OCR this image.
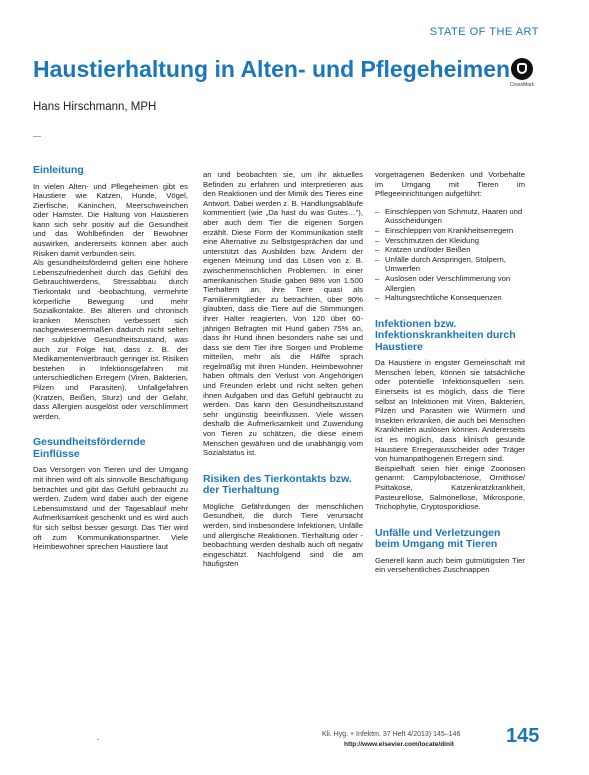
STATE OF THE ART
Haustierhaltung in Alten- und Pflegeheimen
CrossMark
Hans Hirschmann, MPH
Einleitung

In vielen Alten- und Pflegeheimen gibt es Haustiere wie Katzen, Hunde, Vögel, Zierfische, Kaninchen, Meerschweinchen oder Hamster. Die Haltung von Haustieren kann sich sehr positiv auf die Gesundheit und das Wohlbefinden der Bewohner auswirken, andererseits können aber auch Risiken damit verbunden sein.

Als gesundheitsfördernd gelten eine höhere Lebenszufriedenheit durch das Gefühl des Gebrauchtwerdens, Stressabbau durch Tierkontakt und -beobachtung, vermehrte körperliche Bewegung und mehr Sozialkontakte. Bei älteren und chronisch kranken Menschen verbessert sich nachgewiesenermaßen dadurch nicht selten der subjektive Gesundheitszustand, was auch zur Folge hat, dass z. B. der Medikamentenverbrauch geringer ist. Risiken bestehen in Infektionsgefahren mit unterschiedlichen Erregern (Viren, Bakterien, Pilzen und Parasiten), Unfallgefahren (Kratzen, Beißen, Sturz) und der Gefahr, dass Allergien ausgelöst oder verschlimmert werden.

Gesundheitsfördernde Einflüsse

Das Versorgen von Tieren und der Umgang mit ihnen wird oft als sinnvolle Beschäftigung betrachtet und gibt das Gefühl gebraucht zu werden. Zudem wird dabei auch der eigene Lebensumstand und der Tagesablauf mehr Aufmerksamkeit geschenkt und es wird auch für sich selbst besser gesorgt. Das Tier wird oft zum Kommunikationspartner. Viele Heimbewohner sprechen Haustiere laut

an und beobachten sie, um ihr aktuelles Befinden zu erfahren und interpretieren aus den Reaktionen und der Mimik des Tieres eine Antwort. Dabei werden z. B. Handlungsabläufe kommentiert (wie „Da hast du was Gutes…"), aber auch dem Tier die eigenen Sorgen erzählt. Diese Form der Kommunikation stellt eine Alternative zu Selbstgesprächen dar und unterstützt das Ausbilden bzw. Ändern der eigenen Meinung und das Lösen von z. B. zwischenmenschlichen Problemen. In einer amerikanischen Studie gaben 98% von 1.500 Tierhaltern an, ihre Tiere quasi als Familienmitglieder zu betrachten, über 90% glaubten, dass die Tiere auf die Stimmungen ihrer Halter reagierten. Von 120 über 60-jährigen Befragten mit Hund gaben 75% an, dass ihr Hund ihnen besonders nahe sei und dass sie dem Tier ihre Sorgen und Probleme mitteilen, mehr als die Hälfte sprach regelmäßig mit ihren Hunden. Heimbewohner haben oftmals den Verlust von Angehörigen und Freunden erlebt und nicht selten gehen ihnen Aufgaben und das Gefühl gebraucht zu werden. Das kann den Gesundheitszustand sehr ungünstig beeinflussen. Viele wissen deshalb die Aufmerksamkeit und Zuwendung von Tieren zu schätzen, die diese einem Menschen gewähren und die unabhängig vom Sozialstatus ist.

Risiken des Tierkontakts bzw. der Tierhaltung

Mögliche Gefährdungen der menschlichen Gesundheit, die durch Tiere verursacht werden, sind insbesondere Infektionen, Unfälle und allergische Reaktionen. Tierhaltung oder -beobachtung werden deshalb auch oft negativ eingeschätzt. Nachfolgend sind die am häufigsten

vorgetragenen Bedenken und Vorbehalte im Umgang mit Tieren im Pflegeeinrichtungen aufgeführt:

– Einschleppen von Schmutz, Haaren und Ausscheidungen
– Einschleppen von Krankheitserregern
– Verschmutzen der Kleidung
– Kratzen und/oder Beißen
– Unfälle durch Anspringen, Stolpern, Umwerfen
– Auslösen oder Verschlimmerung von Allergien
– Haltungsrechtliche Konsequenzen
Infektionen bzw. Infektionskrankheiten durch Haustiere

Da Haustiere in engster Gemeinschaft mit Menschen leben, können sie tatsächliche oder potentielle Infektionsquellen sein. Einerseits ist es möglich, dass die Tiere selbst an Infektionen mit Viren, Bakterien, Pilzen und Parasiten wie Würmern und Insekten erkranken, die auch bei Menschen Krankheiten auslösen können. Andererseits ist es möglich, dass klinisch gesunde Haustiere Erregerausscheider oder Träger von humanpathogenen Erregern sind.

Beispielhaft seien hier einige Zoonosen genannt: Campylobacteriose, Ornithose/ Psittakose, Katzenkratzkrankheit, Pasteurellose, Salmonellose, Mikrosporie, Trichophytie, Cryptosporidiose.

Unfälle und Verletzungen beim Umgang mit Tieren

Generell kann auch beim gutmütigsten Tier ein versehentliches Zuschnappen

Kli. Hyg. + Infektm. 37 Heft 4/2013) 145–146
http://www.elsevier.com/locate/dinit	145
